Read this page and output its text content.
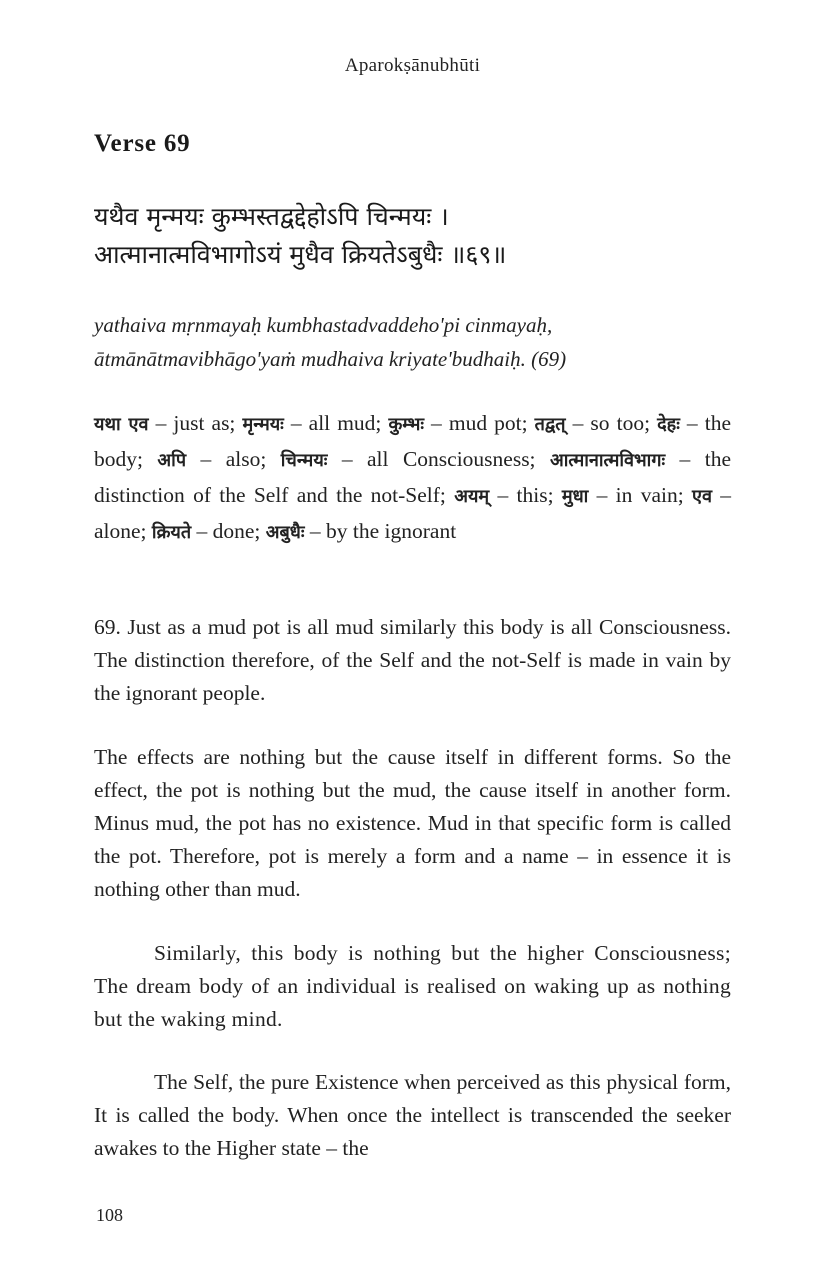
Aparokṣānubhūti
Verse 69
यथैव मृन्मयः कुम्भस्तद्वद्देहोऽपि चिन्मयः ।
आत्मानात्मविभागोऽयं मुधैव क्रियतेऽबुधैः ॥६९॥
yathaiva mṛnmayaḥ kumbhastadvaddeho'pi cinmayaḥ,
ātmānātmavibhāgo'yaṁ mudhaiva kriyate'budhaiḥ. (69)
यथा एव – just as; मृन्मयः – all mud; कुम्भः – mud pot; तद्वत् – so too; देहः – the body; अपि – also; चिन्मयः – all Consciousness; आत्मानात्मविभागः – the distinction of the Self and the not-Self; अयम् – this; मुधा – in vain; एव – alone; क्रियते – done; अबुधैः – by the ignorant

69. Just as a mud pot is all mud similarly this body is all Consciousness. The distinction therefore, of the Self and the not-Self is made in vain by the ignorant people.

The effects are nothing but the cause itself in different forms. So the effect, the pot is nothing but the mud, the cause itself in another form. Minus mud, the pot has no existence. Mud in that specific form is called the pot. Therefore, pot is merely a form and a name – in essence it is nothing other than mud.

Similarly, this body is nothing but the higher Consciousness; The dream body of an individual is realised on waking up as nothing but the waking mind.

The Self, the pure Existence when perceived as this physical form, It is called the body. When once the intellect is transcended the seeker awakes to the Higher state – the

108
